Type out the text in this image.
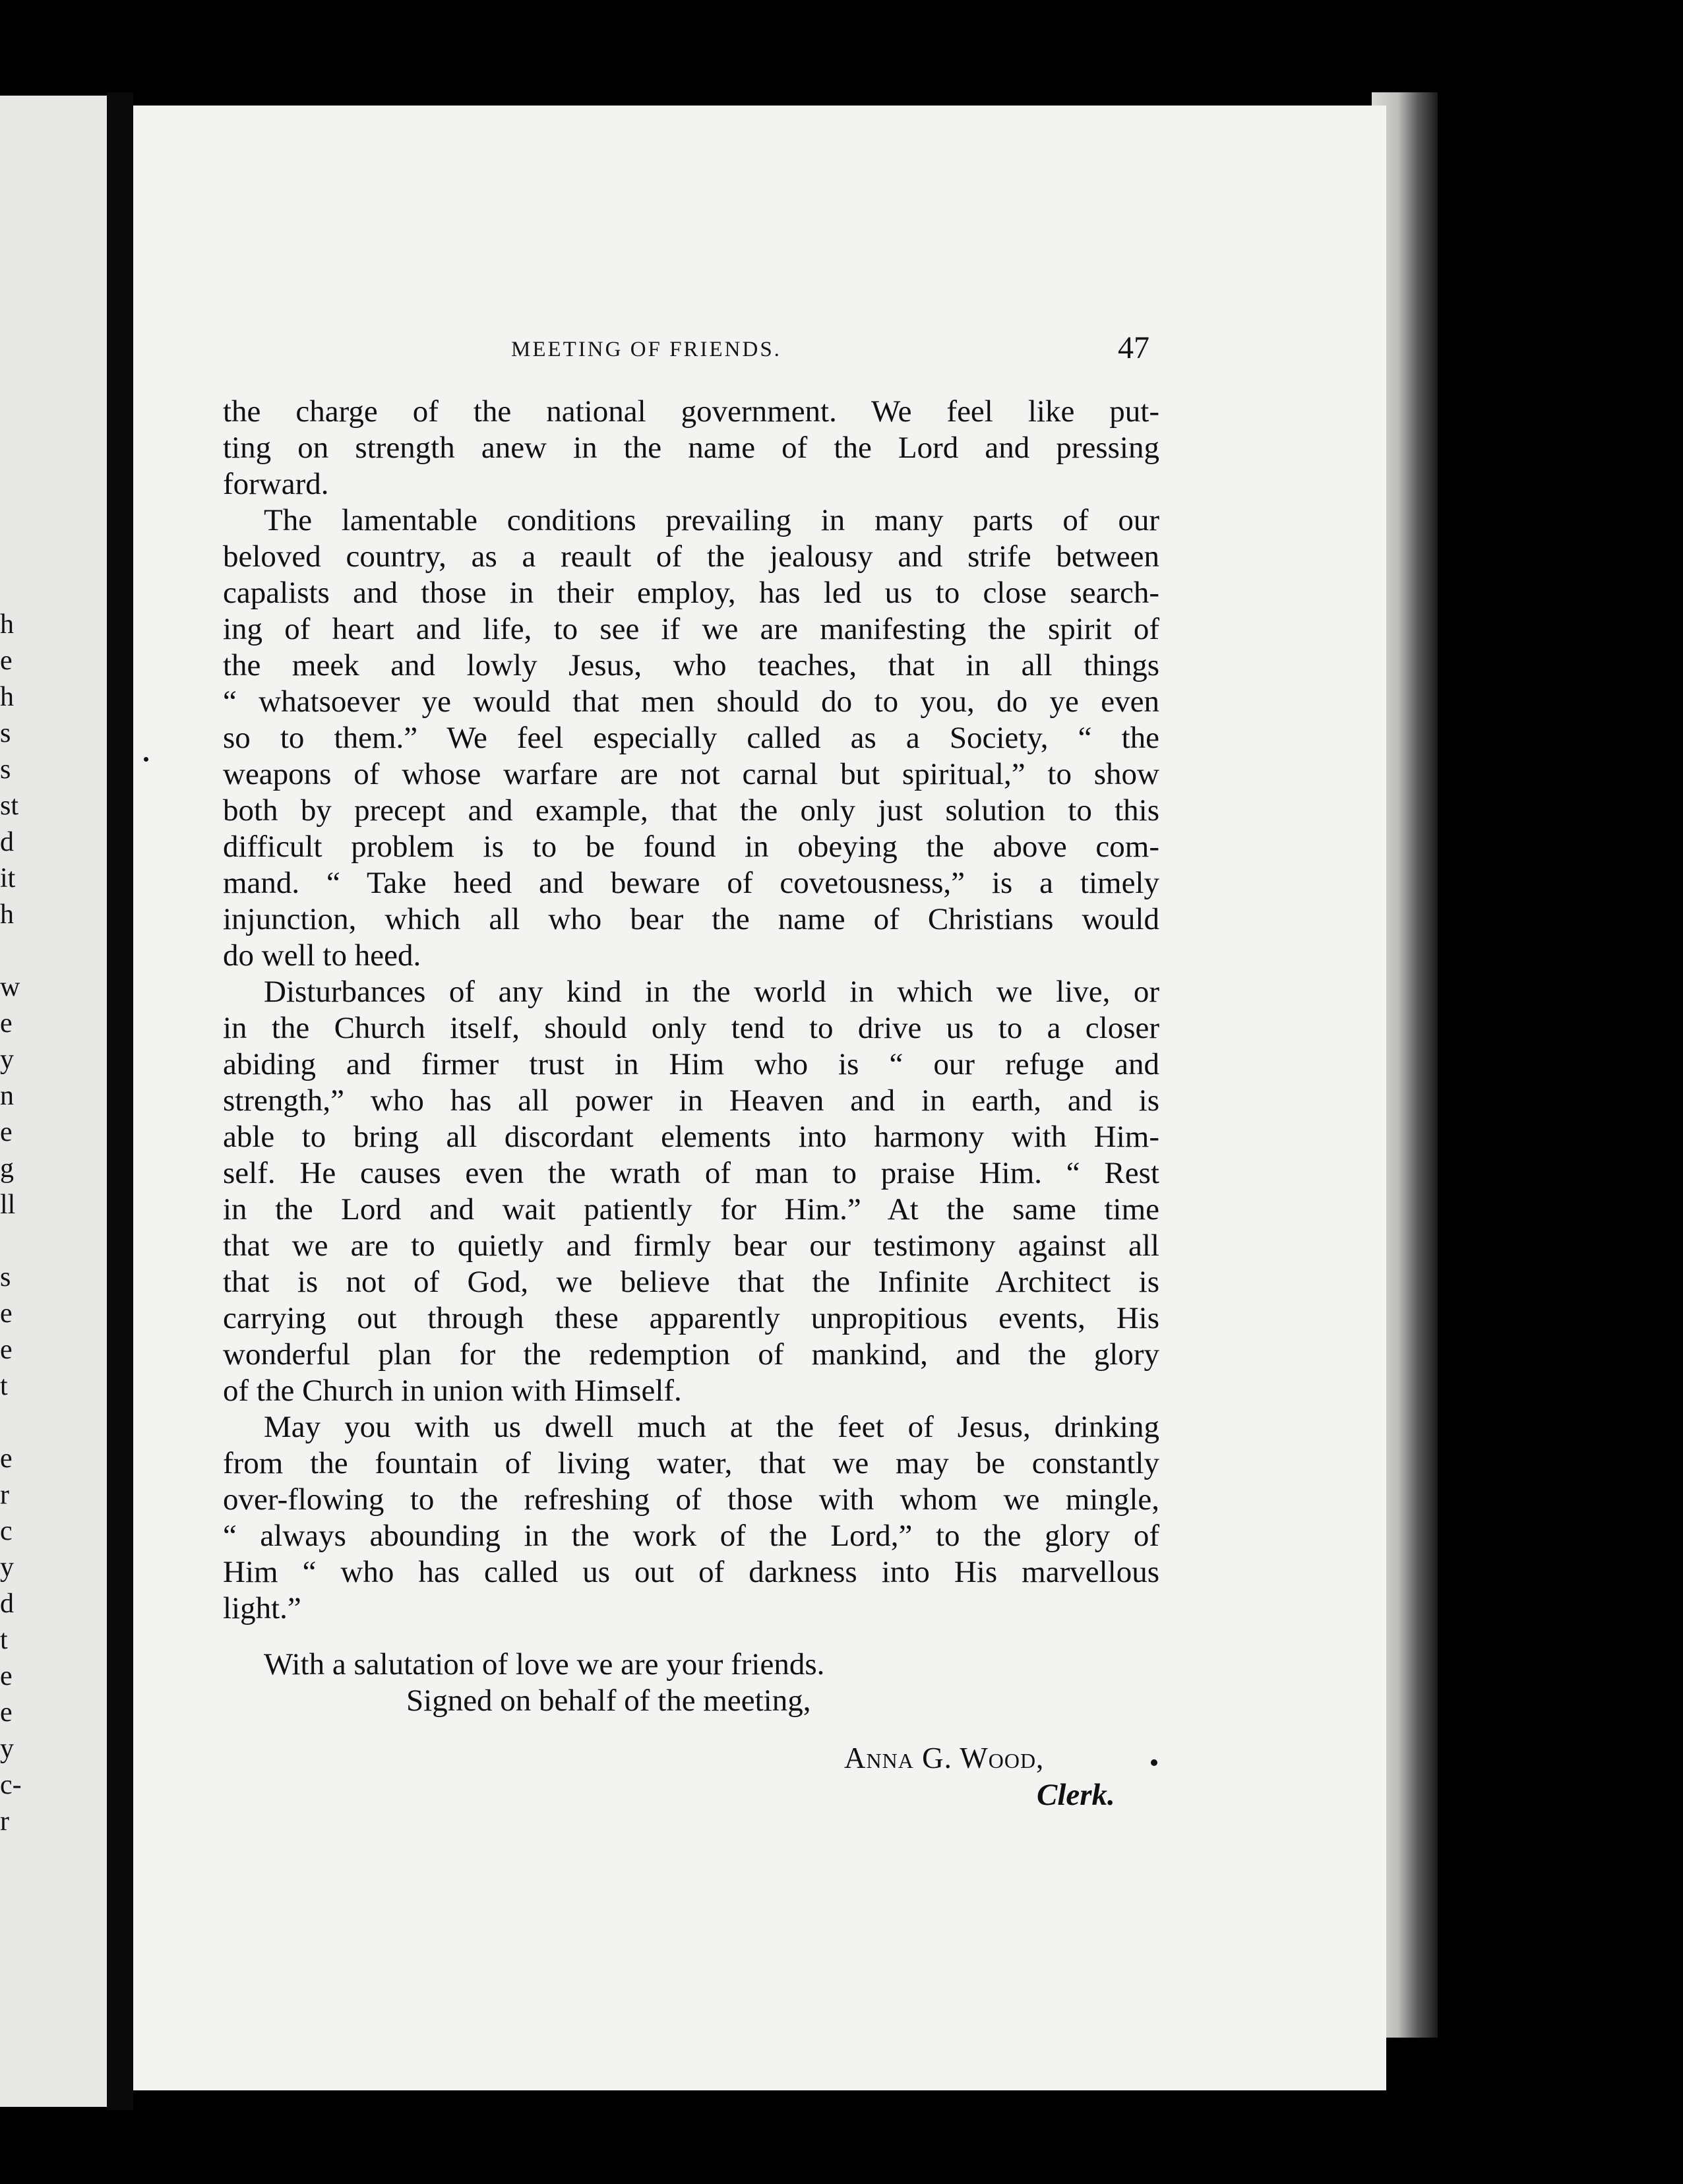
h
e
h
s
s
st
d
it
h
w
e
y
n
e
g
ll
s
e
e
t
e
r
c
y
d
t
e
e
y
c-
r
MEETING OF FRIENDS.	47
the charge of the national government. We feel like put-
ting on strength anew in the name of the Lord and pressing
forward.
The lamentable conditions prevailing in many parts of our
beloved country, as a reault of the jealousy and strife between
capalists and those in their employ, has led us to close search-
ing of heart and life, to see if we are manifesting the spirit of
the meek and lowly Jesus, who teaches, that in all things
“ whatsoever ye would that men should do to you, do ye even
so to them.” We feel especially called as a Society, “ the
weapons of whose warfare are not carnal but spiritual,” to show
both by precept and example, that the only just solution to this
difficult problem is to be found in obeying the above com-
mand. “ Take heed and beware of covetousness,” is a timely
injunction, which all who bear the name of Christians would
do well to heed.
Disturbances of any kind in the world in which we live, or
in the Church itself, should only tend to drive us to a closer
abiding and firmer trust in Him who is “ our refuge and
strength,” who has all power in Heaven and in earth, and is
able to bring all discordant elements into harmony with Him-
self. He causes even the wrath of man to praise Him. “ Rest
in the Lord and wait patiently for Him.” At the same time
that we are to quietly and firmly bear our testimony against all
that is not of God, we believe that the Infinite Architect is
carrying out through these apparently unpropitious events, His
wonderful plan for the redemption of mankind, and the glory
of the Church in union with Himself.
May you with us dwell much at the feet of Jesus, drinking
from the fountain of living water, that we may be constantly
over-flowing to the refreshing of those with whom we mingle,
“ always abounding in the work of the Lord,” to the glory of
Him “ who has called us out of darkness into His marvellous
light.”
With a salutation of love we are your friends.
Signed on behalf of the meeting,
Anna G. Wood,
Clerk.
